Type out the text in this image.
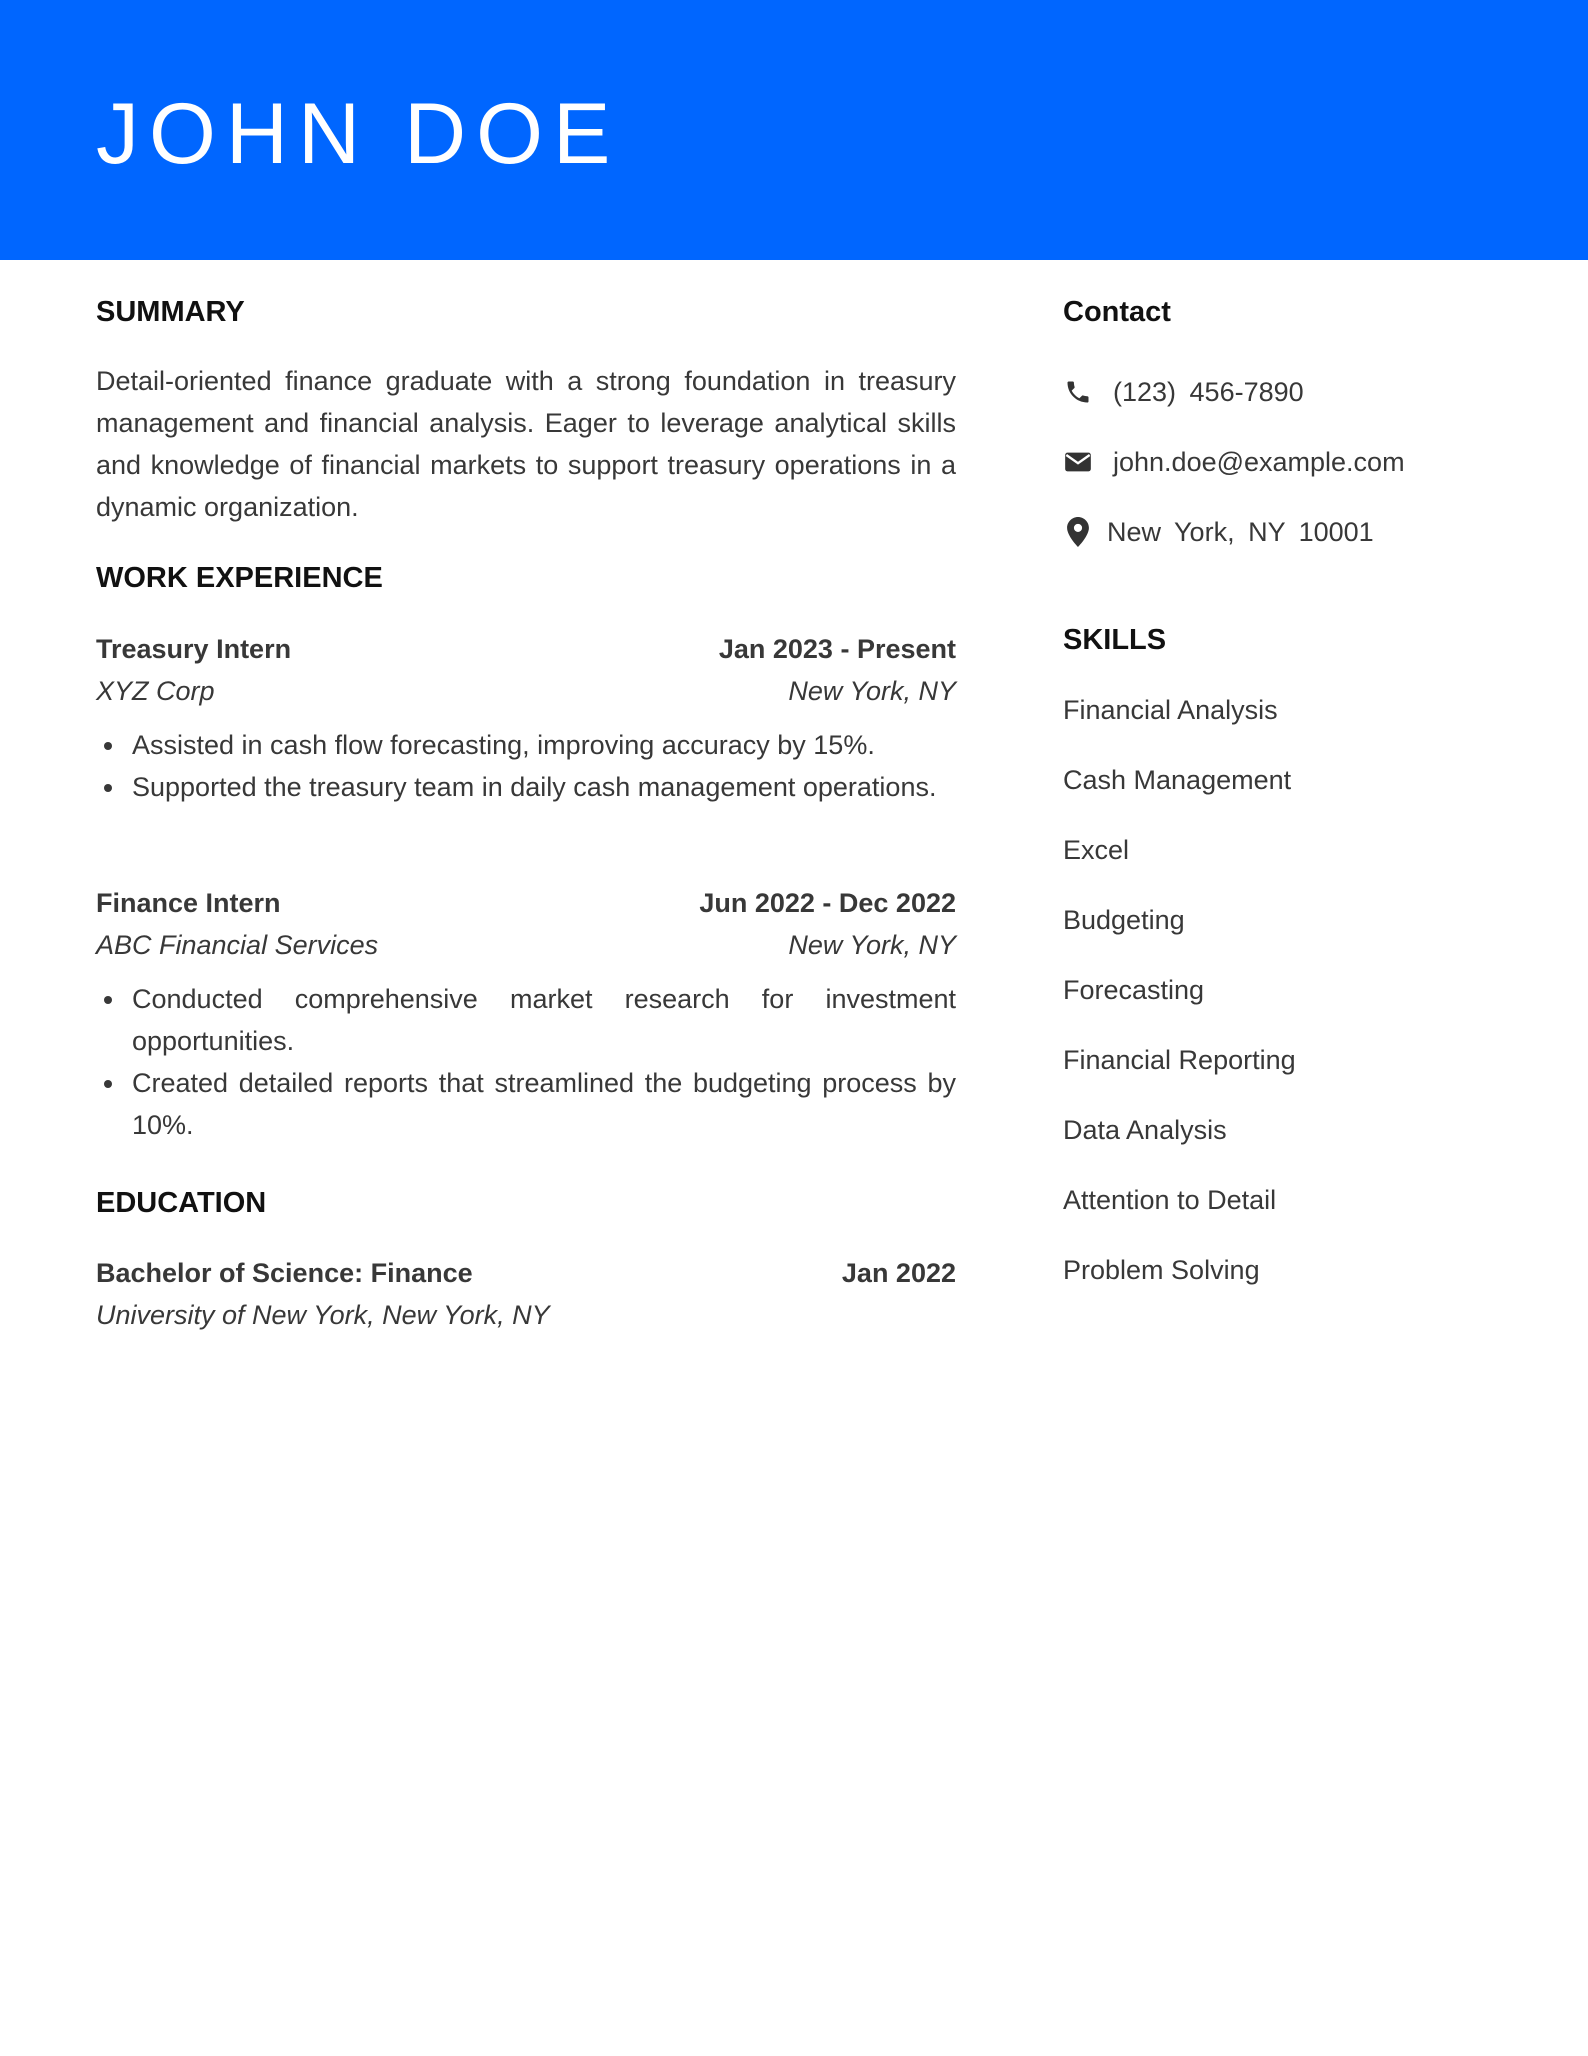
JOHN DOE
SUMMARY
Detail-oriented finance graduate with a strong foundation in treasury management and financial analysis. Eager to leverage analytical skills and knowledge of financial markets to support treasury operations in a dynamic organization.
WORK EXPERIENCE
Treasury Intern	Jan 2023 - Present
XYZ Corp	New York, NY
Assisted in cash flow forecasting, improving accuracy by 15%.
Supported the treasury team in daily cash management operations.
Finance Intern	Jun 2022 - Dec 2022
ABC Financial Services	New York, NY
Conducted comprehensive market research for investment opportunities.
Created detailed reports that streamlined the budgeting process by 10%.
EDUCATION
Bachelor of Science: Finance	Jan 2022
University of New York, New York, NY
Contact
(123) 456-7890
john.doe@example.com
New York, NY 10001
SKILLS
Financial Analysis
Cash Management
Excel
Budgeting
Forecasting
Financial Reporting
Data Analysis
Attention to Detail
Problem Solving
